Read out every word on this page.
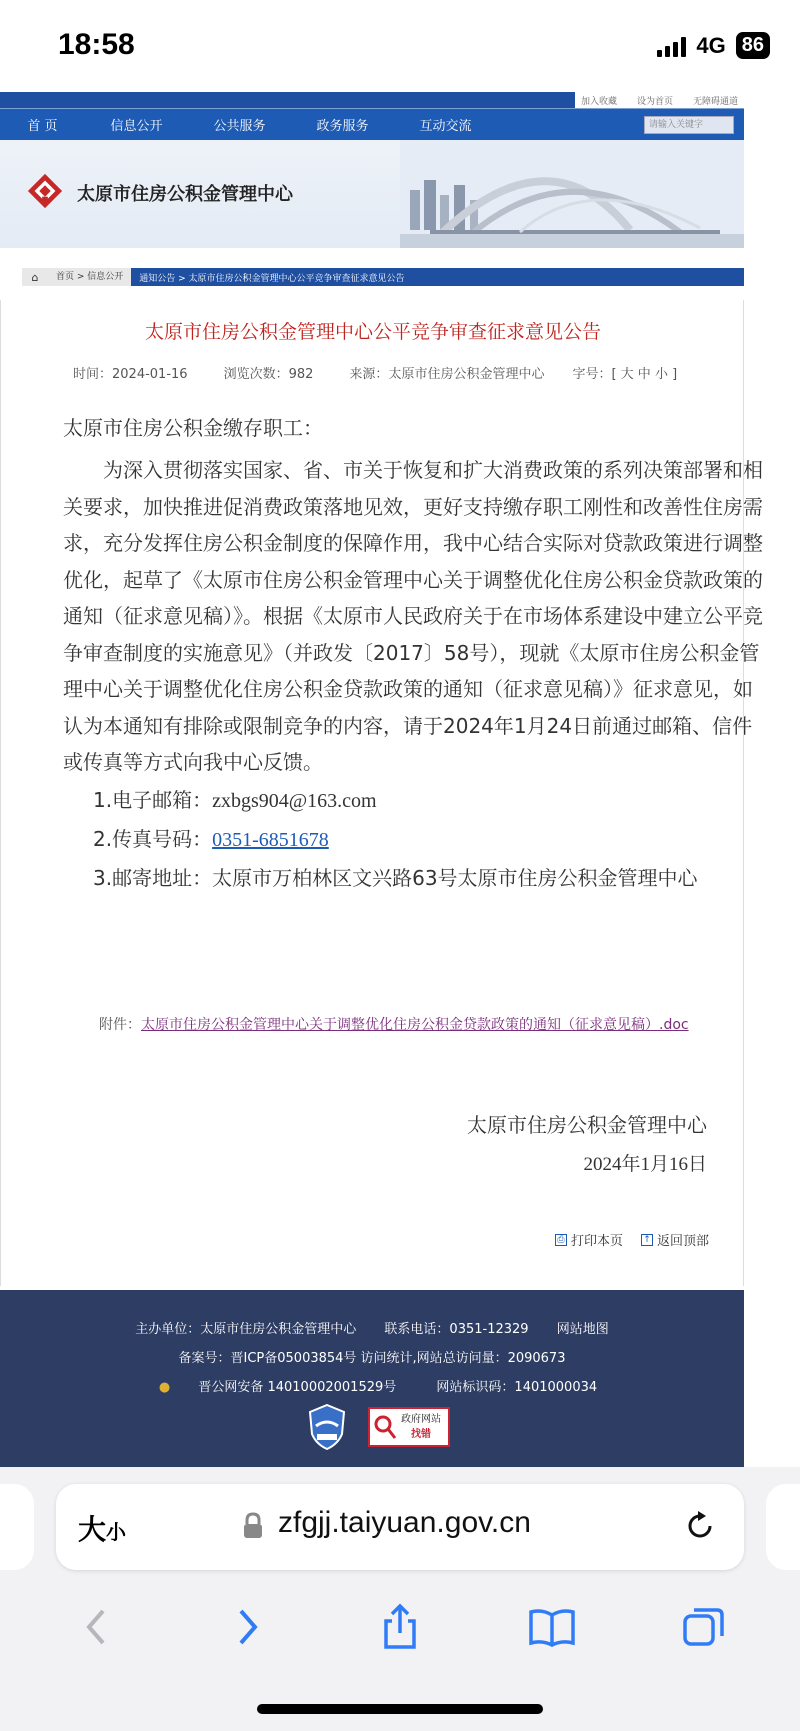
18:58	4G 86
加入收藏 设为首页 无障碍通道
首 页	信息公开	公共服务	政务服务	互动交流	请输入关键字
太原市住房公积金管理中心
⌂	首页 > 信息公开	通知公告 > 太原市住房公积金管理中心公平竞争审查征求意见公告
太原市住房公积金管理中心公平竞争审查征求意见公告
时间：2024-01-16	浏览次数：982	来源：太原市住房公积金管理中心 字号：[ 大 中 小 ]

太原市住房公积金缴存职工：

为深入贯彻落实国家、省、市关于恢复和扩大消费政策的系列决策部署和相关要求，加快推进促消费政策落地见效，更好支持缴存职工刚性和改善性住房需求，充分发挥住房公积金制度的保障作用，我中心结合实际对贷款政策进行调整优化，起草了《太原市住房公积金管理中心关于调整优化住房公积金贷款政策的通知（征求意见稿）》。根据《太原市人民政府关于在市场体系建设中建立公平竞争审查制度的实施意见》（并政发〔2017〕58号），现就《太原市住房公积金管理中心关于调整优化住房公积金贷款政策的通知（征求意见稿）》征求意见，如认为本通知有排除或限制竞争的内容，请于2024年1月24日前通过邮箱、信件或传真等方式向我中心反馈。

1.电子邮箱：zxbgs904@163.com

2.传真号码：0351-6851678

3.邮寄地址：太原市万柏林区文兴路63号太原市住房公积金管理中心

附件：太原市住房公积金管理中心关于调整优化住房公积金贷款政策的通知（征求意见稿）.doc
太原市住房公积金管理中心
2024年1月16日
⎙ 打印本页 ↑ 返回顶部
主办单位：太原市住房公积金管理中心 联系电话：0351-12329 网站地图
备案号：晋ICP备05003854号 访问统计,网站总访问量：2090673
● 晋公网安备 14010002001529号	网站标识码：1401000034
政府网站
找错
大小	zfgjj.taiyuan.gov.cn
